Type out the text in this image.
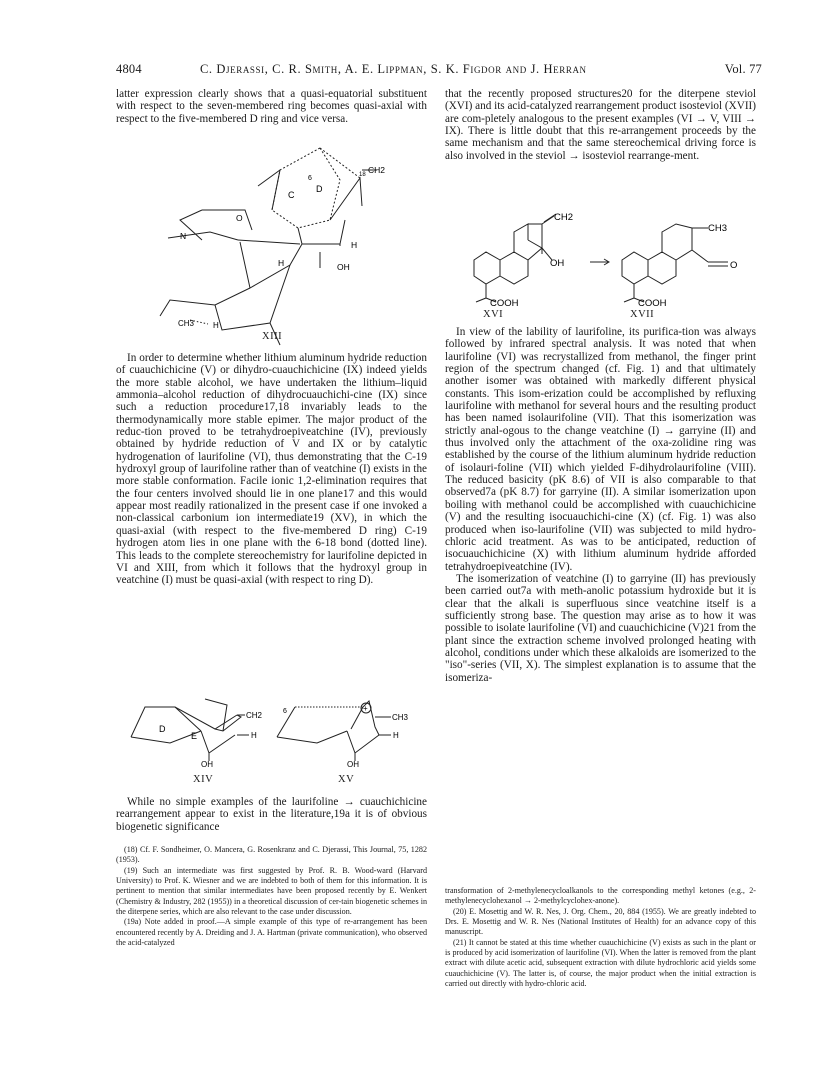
4804	C. Djerassi, C. R. Smith, A. E. Lippman, S. K. Figdor and J. Herran	Vol. 77

latter expression clearly shows that a quasi-equatorial substituent with respect to the seven-membered ring becomes quasi-axial with respect to the five-membered D ring and vice versa.

C
D
6	18 CH2
H
OH
H
O
N
CH3 H
XIII

In order to determine whether lithium aluminum hydride reduction of cuauchichicine (V) or dihydro-cuauchichicine (IX) indeed yields the more stable alcohol, we have undertaken the lithium–liquid ammonia–alcohol reduction of dihydrocuauchichi-cine (IX) since such a reduction procedure17,18 invariably leads to the thermodynamically more stable epimer. The major product of the reduc-tion proved to be tetrahydroepiveatchine (IV), previously obtained by hydride reduction of V and IX or by catalytic hydrogenation of laurifoline (VI), thus demonstrating that the C-19 hydroxyl group of laurifoline rather than of veatchine (I) exists in the more stable conformation. Facile ionic 1,2-elimination requires that the four centers involved should lie in one plane17 and this would appear most readily rationalized in the present case if one invoked a non-classical carbonium ion intermediate19 (XV), in which the quasi-axial (with respect to the five-membered D ring) C-19 hydrogen atom lies in one plane with the 6-18 bond (dotted line). This leads to the complete stereochemistry for laurifoline depicted in VI and XIII, from which it follows that the hydroxyl group in veatchine (I) must be quasi-axial (with respect to ring D).

D
E
CH2
H
OH
6	+
CH3
H
OH
XIV	XV

While no simple examples of the laurifoline → cuauchichicine rearrangement appear to exist in the literature,19a it is of obvious biogenetic significance

(18) Cf. F. Sondheimer, O. Mancera, G. Rosenkranz and C. Djerassi, This Journal, 75, 1282 (1953).

(19) Such an intermediate was first suggested by Prof. R. B. Wood-ward (Harvard University) to Prof. K. Wiesner and we are indebted to both of them for this information. It is pertinent to mention that similar intermediates have been proposed recently by E. Wenkert (Chemistry & Industry, 282 (1955)) in a theoretical discussion of cer-tain biogenetic schemes in the diterpene series, which are also relevant to the case under discussion.

(19a) Note added in proof.—A simple example of this type of re-arrangement has been encountered recently by A. Dreiding and J. A. Hartman (private communication), who observed the acid-catalyzed

that the recently proposed structures20 for the diterpene steviol (XVI) and its acid-catalyzed rearrangement product isosteviol (XVII) are com-pletely analogous to the present examples (VI → V, VIII → IX). There is little doubt that this re-arrangement proceeds by the same mechanism and that the same stereochemical driving force is also involved in the steviol → isosteviol rearrange-ment.

CH2
OH
COOH
CH3
O
COOH
XVI	XVII

In view of the lability of laurifoline, its purifica-tion was always followed by infrared spectral analysis. It was noted that when laurifoline (VI) was recrystallized from methanol, the finger print region of the spectrum changed (cf. Fig. 1) and that ultimately another isomer was obtained with markedly different physical constants. This isom-erization could be accomplished by refluxing laurifoline with methanol for several hours and the resulting product has been named isolaurifoline (VII). That this isomerization was strictly anal-ogous to the change veatchine (I) → garryine (II) and thus involved only the attachment of the oxa-zolidine ring was established by the course of the lithium aluminum hydride reduction of isolauri-foline (VII) which yielded F-dihydrolaurifoline (VIII). The reduced basicity (pK 8.6) of VII is also comparable to that observed7a (pK 8.7) for garryine (II). A similar isomerization upon boiling with methanol could be accomplished with cuauchichicine (V) and the resulting isocuauchichi-cine (X) (cf. Fig. 1) was also produced when iso-laurifoline (VII) was subjected to mild hydro-chloric acid treatment. As was to be anticipated, reduction of isocuauchichicine (X) with lithium aluminum hydride afforded tetrahydroepiveatchine (IV).

The isomerization of veatchine (I) to garryine (II) has previously been carried out7a with meth-anolic potassium hydroxide but it is clear that the alkali is superfluous since veatchine itself is a sufficiently strong base. The question may arise as to how it was possible to isolate laurifoline (VI) and cuauchichicine (V)21 from the plant since the extraction scheme involved prolonged heating with alcohol, conditions under which these alkaloids are isomerized to the "iso"-series (VII, X). The simplest explanation is to assume that the isomeriza-

transformation of 2-methylenecycloalkanols to the corresponding methyl ketones (e.g., 2-methylenecyclohexanol → 2-methylcyclohex-anone).

(20) E. Mosettig and W. R. Nes, J. Org. Chem., 20, 884 (1955). We are greatly indebted to Drs. E. Mosettig and W. R. Nes (National Institutes of Health) for an advance copy of this manuscript.

(21) It cannot be stated at this time whether cuauchichicine (V) exists as such in the plant or is produced by acid isomerization of laurifoline (VI). When the latter is removed from the plant extract with dilute acetic acid, subsequent extraction with dilute hydrochloric acid yields some cuauchichicine (V). The latter is, of course, the major product when the initial extraction is carried out directly with hydro-chloric acid.
